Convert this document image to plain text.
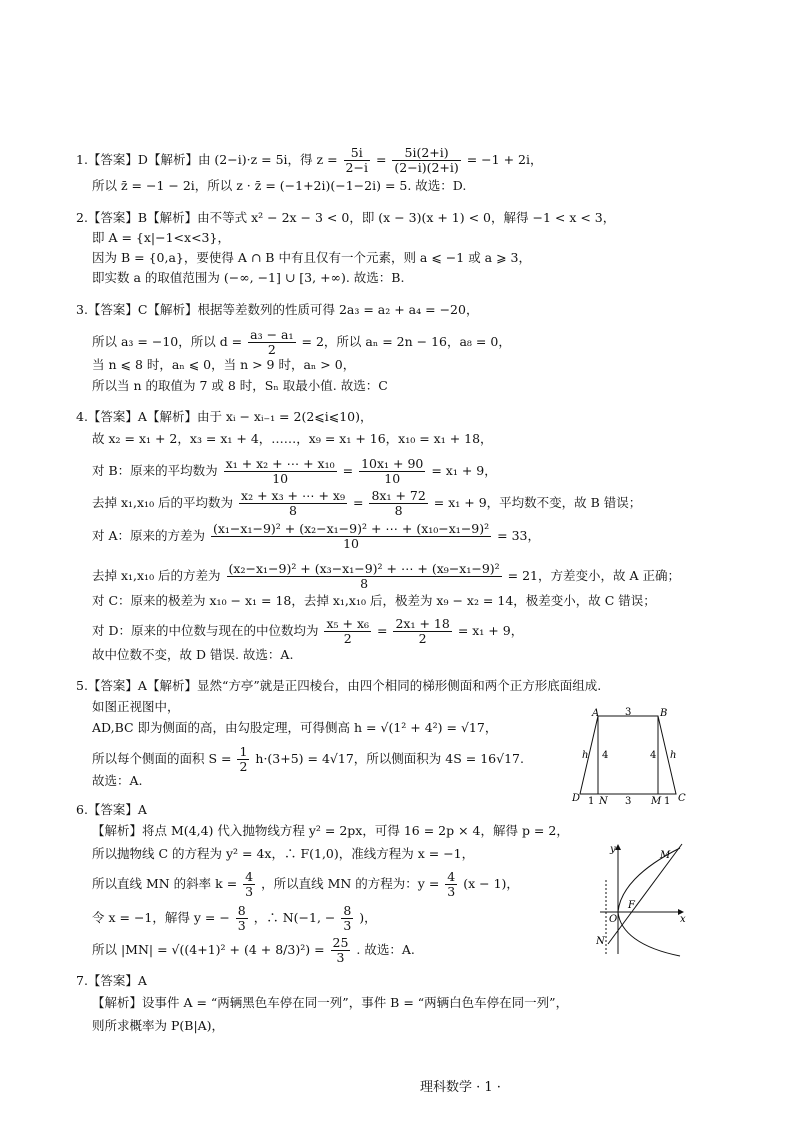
1.【答案】D【解析】由 (2−i)·z = 5i，得 $z = \frac{5i}{2-i} = \frac{5i(2+i)}{(2-i)(2+i)} = -1 + 2i$，
所以 z̄ = −1 − 2i，所以 z · z̄ = (−1+2i)(−1−2i) = 5. 故选：D.
2.【答案】B【解析】由不等式 x² − 2x − 3 < 0，即 (x − 3)(x + 1) < 0，解得 −1 < x < 3，
即 A = {x|−1<x<3}，
因为 B = {0,a}，要使得 A ∩ B 中有且仅有一个元素，则 a ⩽ −1 或 a ⩾ 3，
即实数 a 的取值范围为 (−∞, −1] ∪ [3, +∞). 故选：B.
3.【答案】C【解析】根据等差数列的性质可得 2a₃ = a₂ + a₄ = −20，
所以 a₃ = −10，所以 $d = \frac{\text{a₃ − a₁}}{2} = 2$，所以 aₙ = 2n − 16，a₈ = 0，
当 n ⩽ 8 时，aₙ ⩽ 0，当 n > 9 时，aₙ > 0，
所以当 n 的取值为 7 或 8 时，Sₙ 取最小值. 故选：C
4.【答案】A【解析】由于 xᵢ − xᵢ₋₁ = 2(2⩽i⩽10)，
故 x₂ = x₁ + 2，x₃ = x₁ + 4，……，x₉ = x₁ + 16，x₁₀ = x₁ + 18，
对 B：原来的平均数为 $\frac{\text{x₁ + x₂ + ⋯ + x₁₀}}{10} = \frac{\text{10x₁ + 90}}{10} = x_1 + 9$，
去掉 x₁,x₁₀ 后的平均数为 $\frac{\text{x₂ + x₃ + ⋯ + x₉}}{8} = \frac{\text{8x₁ + 72}}{8} = x_1 + 9$，平均数不变，故 B 错误；
对 A：原来的方差为 $\frac{\text{(x₁−x₁−9)² + (x₂−x₁−9)² + ⋯ + (x₁₀−x₁−9)²}}{10} = 33$，
去掉 x₁,x₁₀ 后的方差为 $\frac{\text{(x₂−x₁−9)² + (x₃−x₁−9)² + ⋯ + (x₉−x₁−9)²}}{8} = 21$，方差变小，故 A 正确；
对 C：原来的极差为 x₁₀ − x₁ = 18，去掉 x₁,x₁₀ 后，极差为 x₉ − x₂ = 14，极差变小，故 C 错误；
对 D：原来的中位数与现在的中位数均为 $\frac{\text{x₅ + x₆}}{2} = \frac{\text{2x₁ + 18}}{2} = x_1 + 9$，
故中位数不变，故 D 错误. 故选：A.
5.【答案】A【解析】显然“方亭”就是正四棱台，由四个相同的梯形侧面和两个正方形底面组成.
如图正视图中，
AD,BC 即为侧面的高，由勾股定理，可得侧高 h = √(1² + 4²) = √17，
所以每个侧面的面积 $S = \frac{1}{2} h\cdot(3+5) = 4√17$，所以侧面积为 4S = 16√17.
故选：A.
A	B
C
D N	M
3
1	3	1
h	h
4	4
6.【答案】A
【解析】将点 M(4,4) 代入抛物线方程 y² = 2px，可得 16 = 2p × 4，解得 p = 2，
所以抛物线 C 的方程为 y² = 4x，∴ F(1,0)，准线方程为 x = −1，
所以直线 MN 的斜率 $k = \frac{4}{3}$ ，所以直线 MN 的方程为：$y = \frac{4}{3} (x - 1)$，
令 x = −1，解得 y = − $\frac{8}{3}$ ，∴ N(−1, − $\frac{8}{3}$ )，
所以 $|MN| = √((4+1)^2 + (4 + 8/3)^2) = \frac{25}{3}$ . 故选：A.
y
x
M
F
O
N
7.【答案】A
【解析】设事件 A = “两辆黑色车停在同一列”，事件 B = “两辆白色车停在同一列”，
则所求概率为 P(B|A)，
理科数学 · 1 ·
